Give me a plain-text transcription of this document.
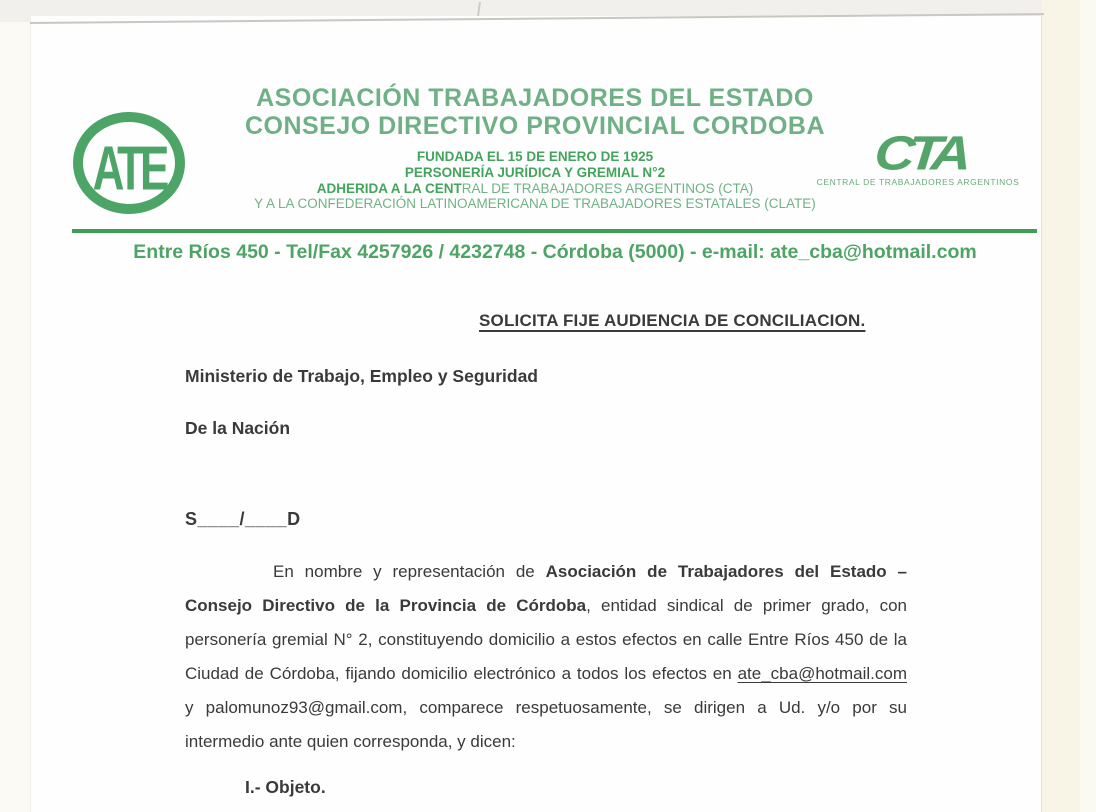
ATE
ASOCIACIÓN TRABAJADORES DEL ESTADO
CONSEJO DIRECTIVO PROVINCIAL CORDOBA
FUNDADA EL 15 DE ENERO DE 1925
PERSONERÍA JURÍDICA Y GREMIAL N°2
ADHERIDA A LA CENTRAL DE TRABAJADORES ARGENTINOS (CTA)
Y A LA CONFEDERACIÓN LATINOAMERICANA DE TRABAJADORES ESTATALES (CLATE)
CTA
CENTRAL DE TRABAJADORES ARGENTINOS
Entre Ríos 450 - Tel/Fax 4257926 / 4232748 - Córdoba (5000) - e-mail: ate_cba@hotmail.com
SOLICITA FIJE AUDIENCIA DE CONCILIACION.
Ministerio de Trabajo, Empleo y Seguridad
De la Nación
S____/____D

En nombre y representación de Asociación de Trabajadores del Estado – Consejo Directivo de la Provincia de Córdoba, entidad sindical de primer grado, con personería gremial N° 2, constituyendo domicilio a estos efectos en calle Entre Ríos 450 de la Ciudad de Córdoba, fijando domicilio electrónico a todos los efectos en ate_cba@hotmail.com y palomunoz93@gmail.com, comparece respetuosamente, se dirigen a Ud. y/o por su intermedio ante quien corresponda, y dicen:

I.- Objeto.
